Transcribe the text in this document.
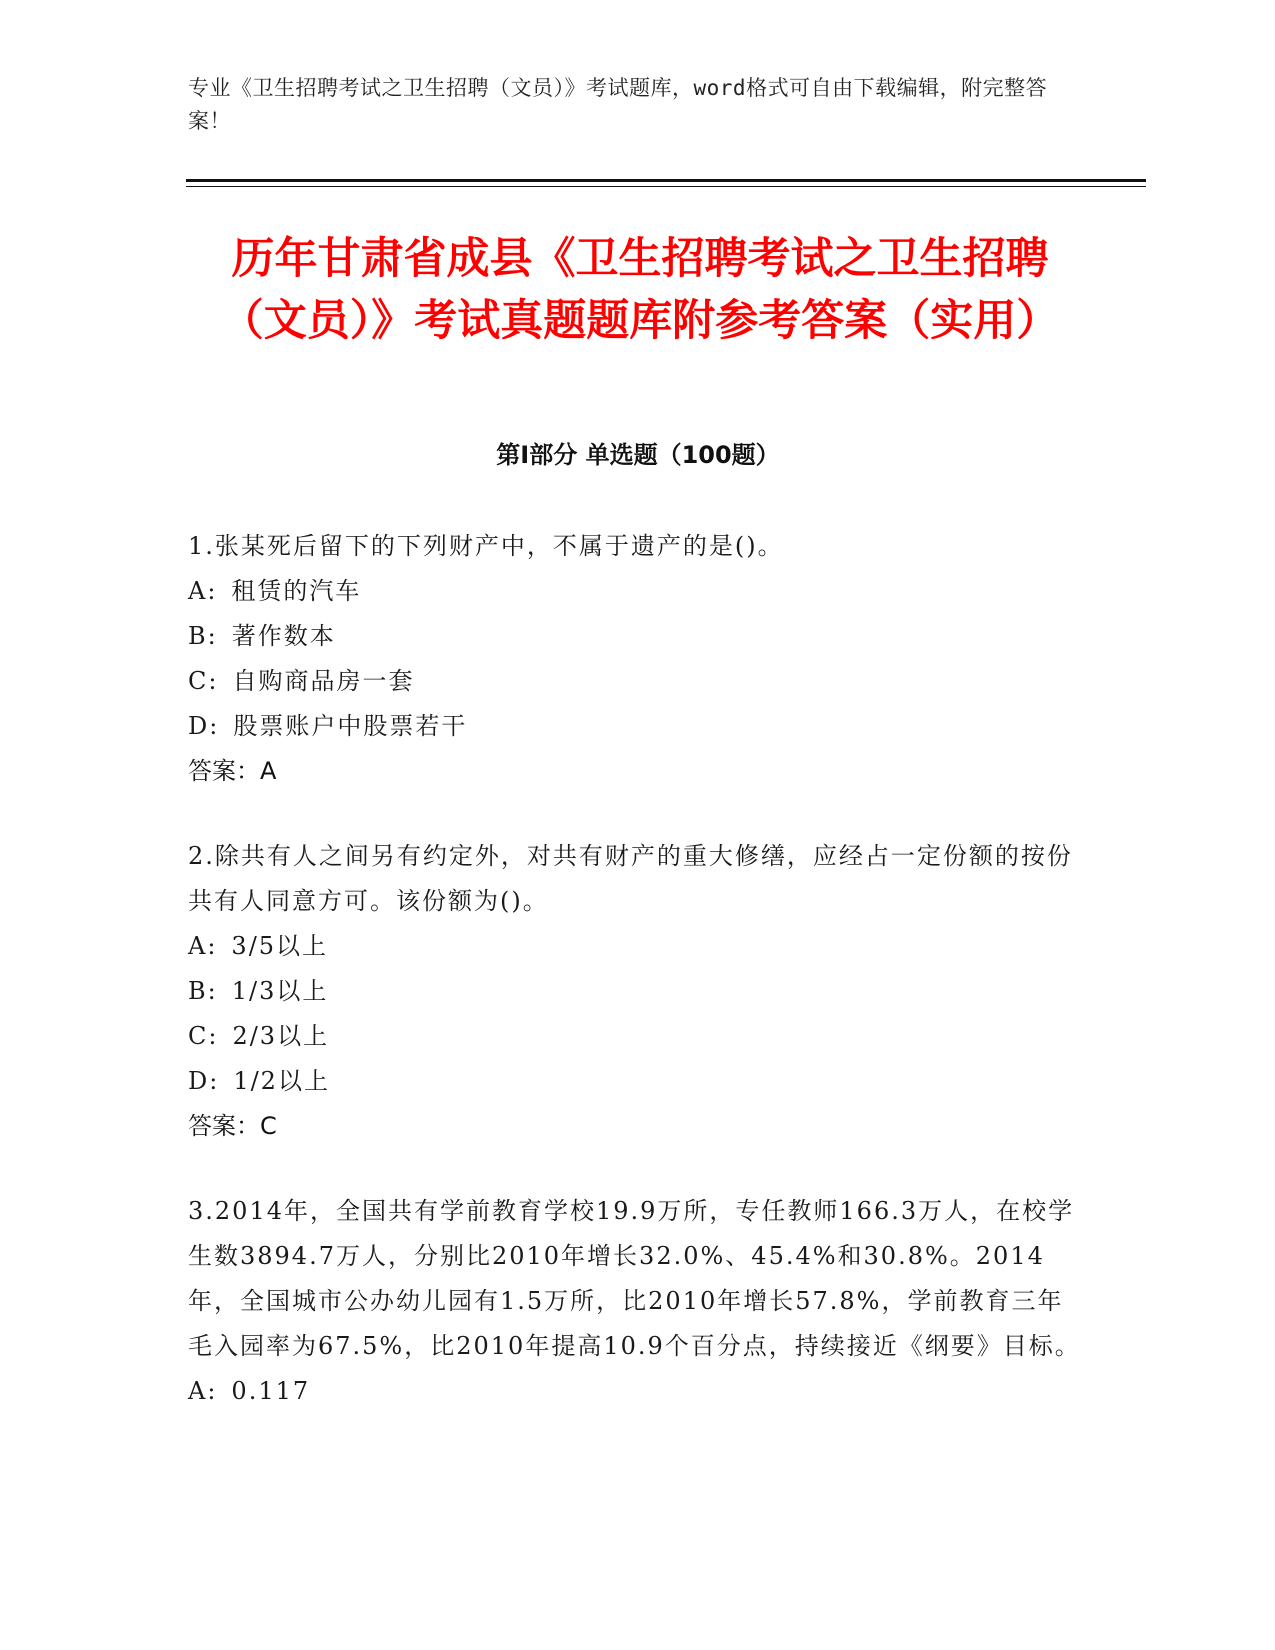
专业《卫生招聘考试之卫生招聘（文员）》考试题库，word格式可自由下载编辑，附完整答案！
历年甘肃省成县《卫生招聘考试之卫生招聘（文员）》考试真题题库附参考答案（实用）
第Ⅰ部分 单选题（100题）
1.张某死后留下的下列财产中，不属于遗产的是()。
A: 租赁的汽车
B: 著作数本
C: 自购商品房一套
D: 股票账户中股票若干
答案：A
2.除共有人之间另有约定外，对共有财产的重大修缮，应经占一定份额的按份共有人同意方可。该份额为()。
A: 3/5以上
B: 1/3以上
C: 2/3以上
D: 1/2以上
答案：C
3.2014年，全国共有学前教育学校19.9万所，专任教师166.3万人，在校学生数3894.7万人，分别比2010年增长32.0%、45.4%和30.8%。2014年，全国城市公办幼儿园有1.5万所，比2010年增长57.8%，学前教育三年毛入园率为67.5%，比2010年提高10.9个百分点，持续接近《纲要》目标。
A: 0.117
